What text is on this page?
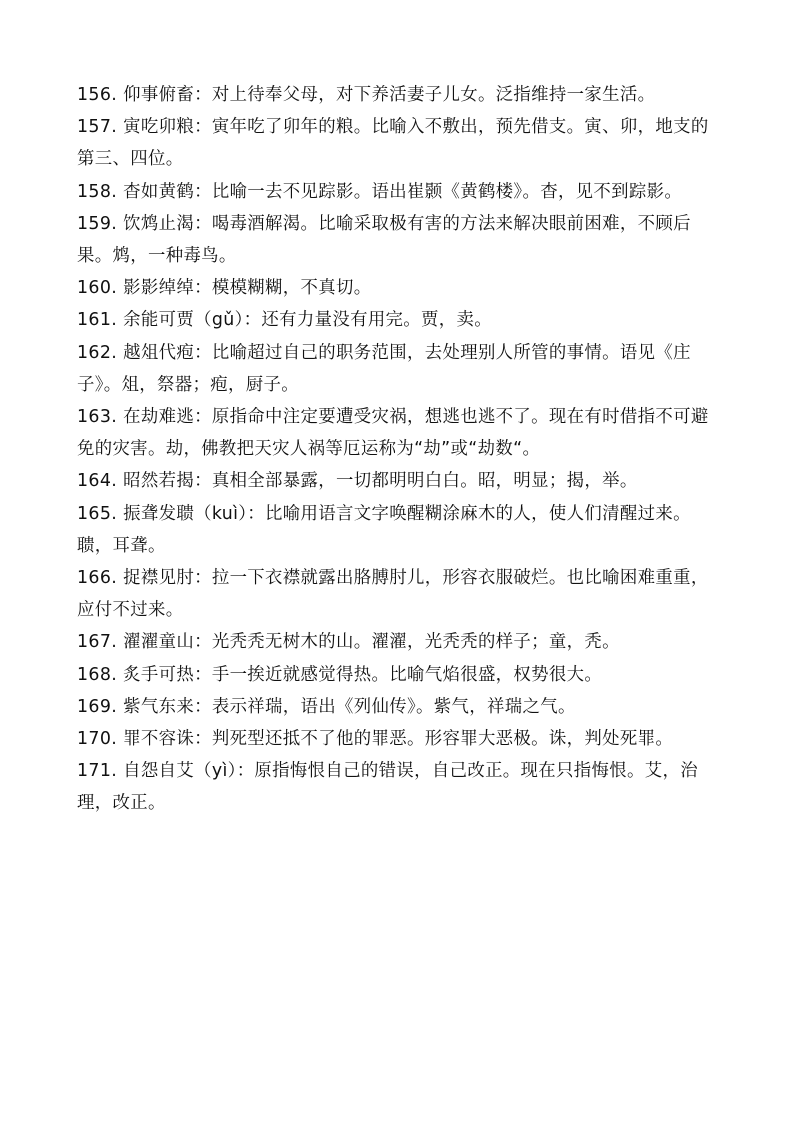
156. 仰事俯畜：对上待奉父母，对下养活妻子儿女。泛指维持一家生活。

157. 寅吃卯粮：寅年吃了卯年的粮。比喻入不敷出，预先借支。寅、卯，地支的第三、四位。

158. 杳如黄鹤：比喻一去不见踪影。语出崔颢《黄鹤楼》。杳，见不到踪影。

159. 饮鸩止渴：喝毒酒解渴。比喻采取极有害的方法来解决眼前困难，不顾后果。鸩，一种毒鸟。

160. 影影绰绰：模模糊糊，不真切。

161. 余能可贾（gǔ）：还有力量没有用完。贾，卖。

162. 越俎代疱：比喻超过自己的职务范围，去处理别人所管的事情。语见《庄子》。俎，祭器；疱，厨子。

163. 在劫难逃：原指命中注定要遭受灾祸，想逃也逃不了。现在有时借指不可避免的灾害。劫，佛教把天灾人祸等厄运称为“劫”或“劫数“。

164. 昭然若揭：真相全部暴露，一切都明明白白。昭，明显；揭，举。

165. 振聋发聩（kuì）：比喻用语言文字唤醒糊涂麻木的人，使人们清醒过来。聩，耳聋。

166. 捉襟见肘：拉一下衣襟就露出胳膊肘儿，形容衣服破烂。也比喻困难重重，应付不过来。

167. 濯濯童山：光秃秃无树木的山。濯濯，光秃秃的样子；童，秃。

168. 炙手可热：手一挨近就感觉得热。比喻气焰很盛，权势很大。

169. 紫气东来：表示祥瑞，语出《列仙传》。紫气，祥瑞之气。

170. 罪不容诛：判死型还抵不了他的罪恶。形容罪大恶极。诛，判处死罪。

171. 自怨自艾（yì）：原指悔恨自己的错误，自己改正。现在只指悔恨。艾，治理，改正。
